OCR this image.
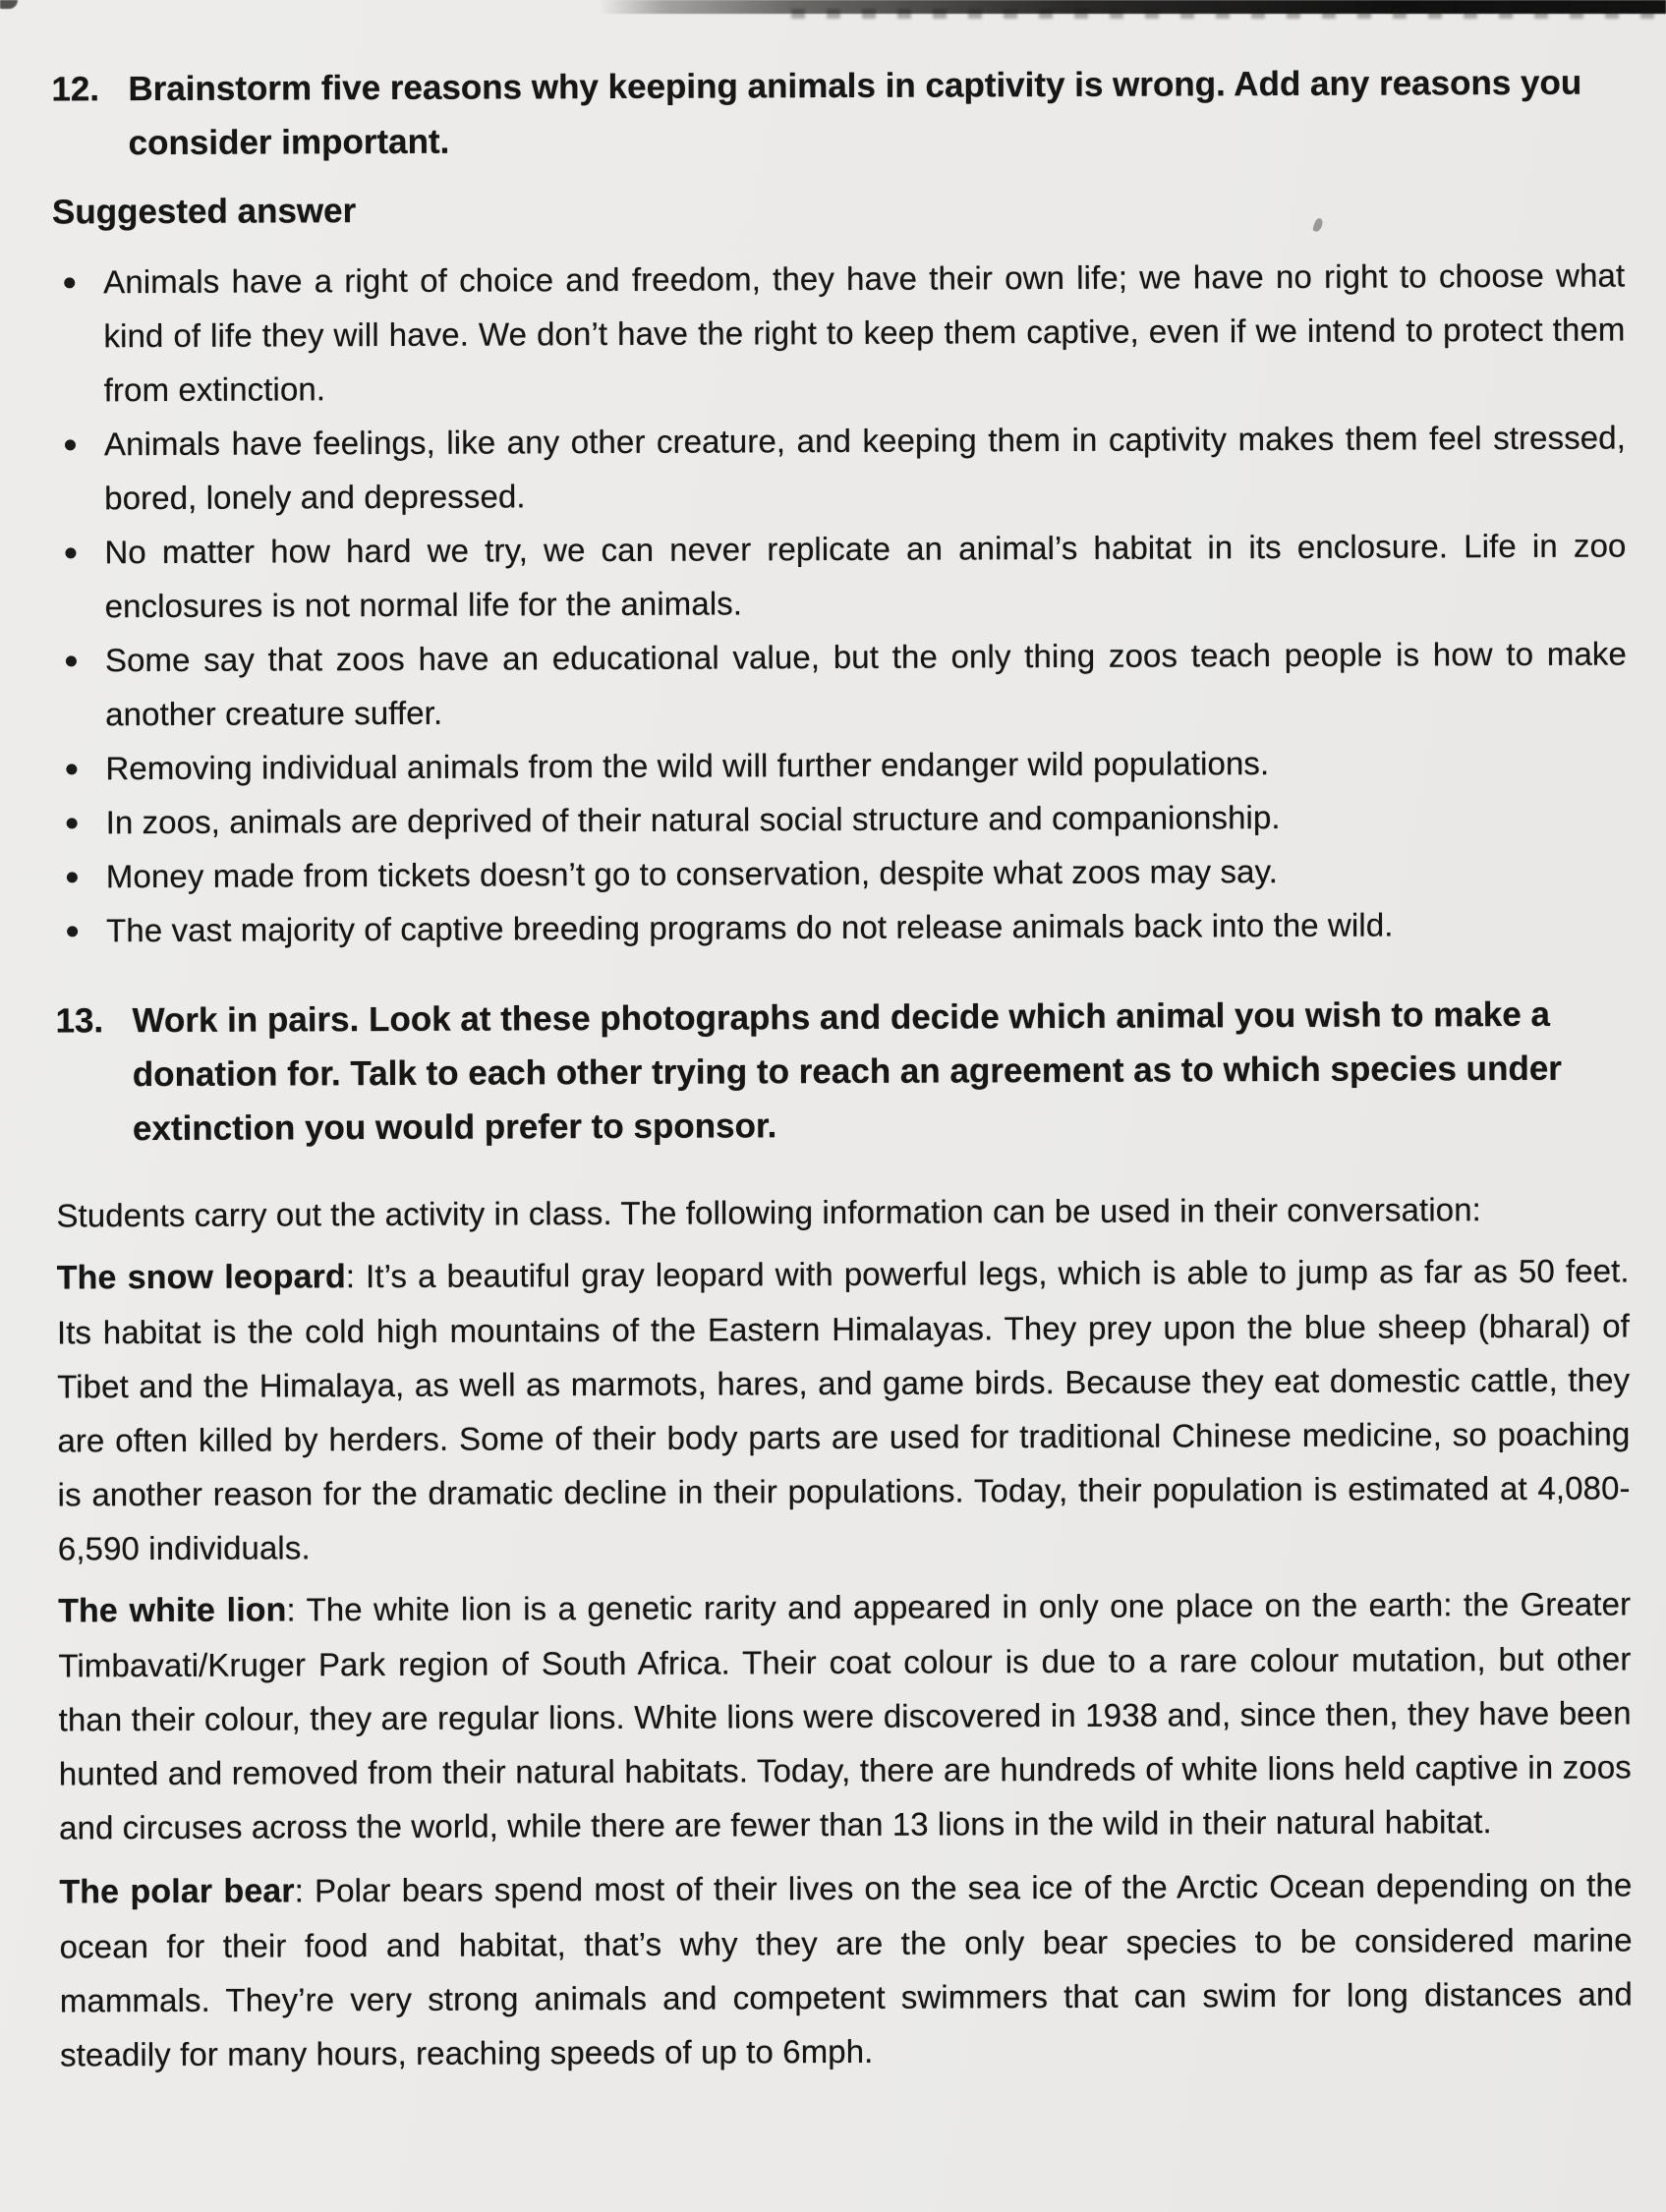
12. Brainstorm five reasons why keeping animals in captivity is wrong. Add any reasons you consider important.
Suggested answer
Animals have a right of choice and freedom, they have their own life; we have no right to choose what kind of life they will have. We don’t have the right to keep them captive, even if we intend to protect them from extinction.
Animals have feelings, like any other creature, and keeping them in captivity makes them feel stressed, bored, lonely and depressed.
No matter how hard we try, we can never replicate an animal’s habitat in its enclosure. Life in zoo enclosures is not normal life for the animals.
Some say that zoos have an educational value, but the only thing zoos teach people is how to make another creature suffer.
Removing individual animals from the wild will further endanger wild populations.
In zoos, animals are deprived of their natural social structure and companionship.
Money made from tickets doesn’t go to conservation, despite what zoos may say.
The vast majority of captive breeding programs do not release animals back into the wild.
13. Work in pairs. Look at these photographs and decide which animal you wish to make a donation for. Talk to each other trying to reach an agreement as to which species under extinction you would prefer to sponsor.

Students carry out the activity in class. The following information can be used in their conversation:

The snow leopard: It’s a beautiful gray leopard with powerful legs, which is able to jump as far as 50 feet. Its habitat is the cold high mountains of the Eastern Himalayas. They prey upon the blue sheep (bharal) of Tibet and the Himalaya, as well as marmots, hares, and game birds. Because they eat domestic cattle, they are often killed by herders. Some of their body parts are used for traditional Chinese medicine, so poaching is another reason for the dramatic decline in their populations. Today, their population is estimated at 4,080-6,590 individuals.

The white lion: The white lion is a genetic rarity and appeared in only one place on the earth: the Greater Timbavati/Kruger Park region of South Africa. Their coat colour is due to a rare colour mutation, but other than their colour, they are regular lions. White lions were discovered in 1938 and, since then, they have been hunted and removed from their natural habitats. Today, there are hundreds of white lions held captive in zoos and circuses across the world, while there are fewer than 13 lions in the wild in their natural habitat.

The polar bear: Polar bears spend most of their lives on the sea ice of the Arctic Ocean depending on the ocean for their food and habitat, that’s why they are the only bear species to be considered marine mammals. They’re very strong animals and competent swimmers that can swim for long distances and steadily for many hours, reaching speeds of up to 6mph.
